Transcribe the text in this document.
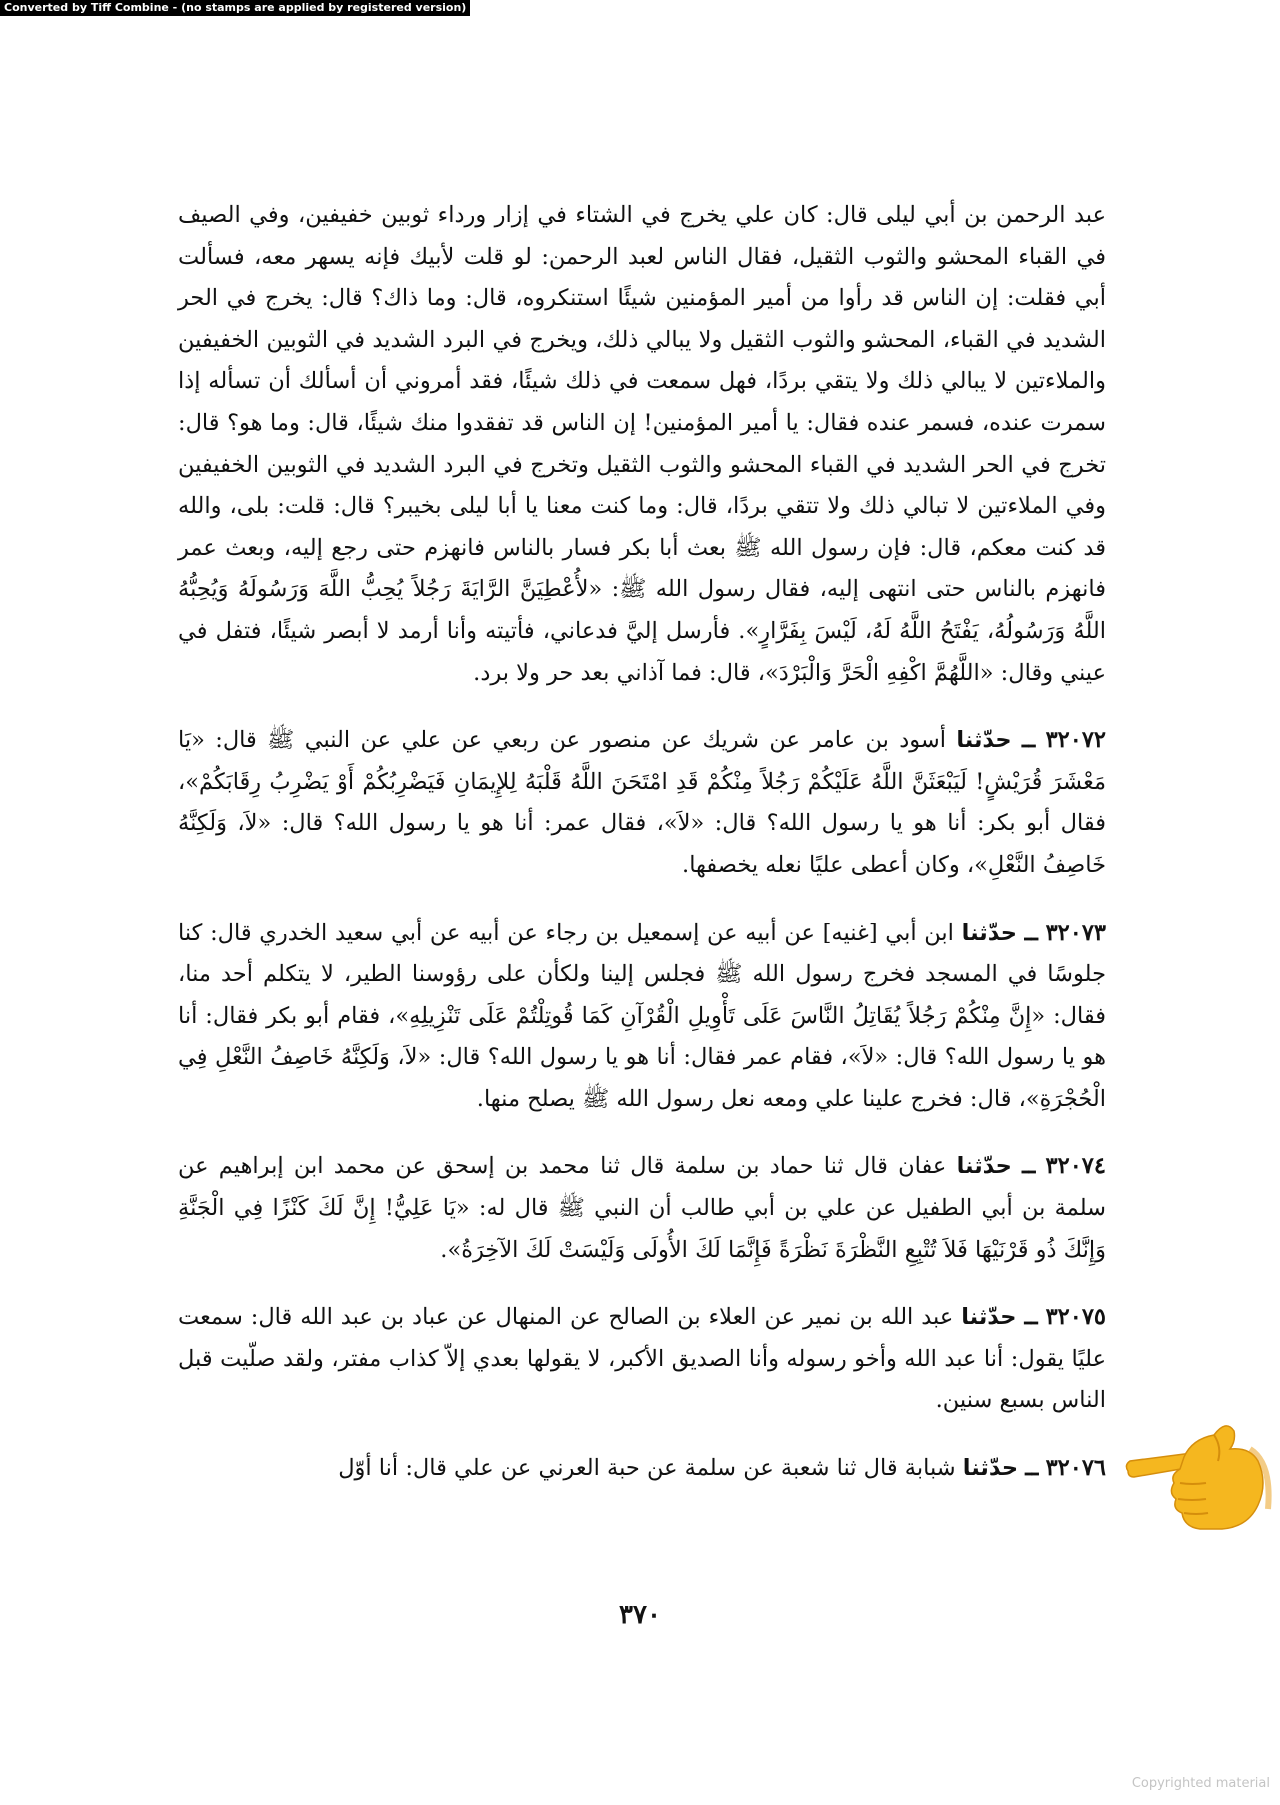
Converted by Tiff Combine - (no stamps are applied by registered version)

عبد الرحمن بن أبي ليلى قال: كان علي يخرج في الشتاء في إزار ورداء ثوبين خفيفين، وفي الصيف في القباء المحشو والثوب الثقيل، فقال الناس لعبد الرحمن: لو قلت لأبيك فإنه يسهر معه، فسألت أبي فقلت: إن الناس قد رأوا من أمير المؤمنين شيئًا استنكروه، قال: وما ذاك؟ قال: يخرج في الحر الشديد في القباء، المحشو والثوب الثقيل ولا يبالي ذلك، ويخرج في البرد الشديد في الثوبين الخفيفين والملاءتين لا يبالي ذلك ولا يتقي بردًا، فهل سمعت في ذلك شيئًا، فقد أمروني أن أسألك أن تسأله إذا سمرت عنده، فسمر عنده فقال: يا أمير المؤمنين! إن الناس قد تفقدوا منك شيئًا، قال: وما هو؟ قال: تخرج في الحر الشديد في القباء المحشو والثوب الثقيل وتخرج في البرد الشديد في الثوبين الخفيفين وفي الملاءتين لا تبالي ذلك ولا تتقي بردًا، قال: وما كنت معنا يا أبا ليلى بخيبر؟ قال: قلت: بلى، والله قد كنت معكم، قال: فإن رسول الله ﷺ بعث أبا بكر فسار بالناس فانهزم حتى رجع إليه، وبعث عمر فانهزم بالناس حتى انتهى إليه، فقال رسول الله ﷺ: «لأُعْطِيَنَّ الرَّايَةَ رَجُلاً يُحِبُّ اللَّهَ وَرَسُولَهُ وَيُحِبُّهُ اللَّهُ وَرَسُولُهُ، يَفْتَحُ اللَّهُ لَهُ، لَيْسَ بِفَرَّارٍ». فأرسل إليَّ فدعاني، فأتيته وأنا أرمد لا أبصر شيئًا، فتفل في عيني وقال: «اللَّهُمَّ اكْفِهِ الْحَرَّ وَالْبَرْدَ»، قال: فما آذاني بعد حر ولا برد.

٣٢٠٧٢ ــ حدّثنا أسود بن عامر عن شريك عن منصور عن ربعي عن علي عن النبي ﷺ قال: «يَا مَعْشَرَ قُرَيْشٍ! لَيَبْعَثَنَّ اللَّهُ عَلَيْكُمْ رَجُلاً مِنْكُمْ قَدِ امْتَحَنَ اللَّهُ قَلْبَهُ لِلإِيمَانِ فَيَضْرِبُكُمْ أَوْ يَضْرِبُ رِقَابَكُمْ»، فقال أبو بكر: أنا هو يا رسول الله؟ قال: «لاَ»، فقال عمر: أنا هو يا رسول الله؟ قال: «لاَ، وَلَكِنَّهُ خَاصِفُ النَّعْلِ»، وكان أعطى عليًا نعله يخصفها.

٣٢٠٧٣ ــ حدّثنا ابن أبي [غنيه] عن أبيه عن إسمعيل بن رجاء عن أبيه عن أبي سعيد الخدري قال: كنا جلوسًا في المسجد فخرج رسول الله ﷺ فجلس إلينا ولكأن على رؤوسنا الطير، لا يتكلم أحد منا، فقال: «إِنَّ مِنْكُمْ رَجُلاً يُقَاتِلُ النَّاسَ عَلَى تَأْوِيلِ الْقُرْآنِ كَمَا قُوتِلْتُمْ عَلَى تَنْزِيلِهِ»، فقام أبو بكر فقال: أنا هو يا رسول الله؟ قال: «لاَ»، فقام عمر فقال: أنا هو يا رسول الله؟ قال: «لاَ، وَلَكِنَّهُ خَاصِفُ النَّعْلِ فِي الْحُجْرَةِ»، قال: فخرج علينا علي ومعه نعل رسول الله ﷺ يصلح منها.

٣٢٠٧٤ ــ حدّثنا عفان قال ثنا حماد بن سلمة قال ثنا محمد بن إسحق عن محمد ابن إبراهيم عن سلمة بن أبي الطفيل عن علي بن أبي طالب أن النبي ﷺ قال له: «يَا عَلِيُّ! إِنَّ لَكَ كَنْزًا فِي الْجَنَّةِ وَإِنَّكَ ذُو قَرْنَيْهَا فَلاَ تُتْبِعِ النَّظْرَةَ نَظْرَةً فَإِنَّمَا لَكَ الأُولَى وَلَيْسَتْ لَكَ الآخِرَةُ».

٣٢٠٧٥ ــ حدّثنا عبد الله بن نمير عن العلاء بن الصالح عن المنهال عن عباد بن عبد الله قال: سمعت عليًا يقول: أنا عبد الله وأخو رسوله وأنا الصديق الأكبر، لا يقولها بعدي إلاّ كذاب مفتر، ولقد صلّيت قبل الناس بسبع سنين.

٣٢٠٧٦ ــ حدّثنا شبابة قال ثنا شعبة عن سلمة عن حبة العرني عن علي قال: أنا أوّل

٣٧٠
Copyrighted material
